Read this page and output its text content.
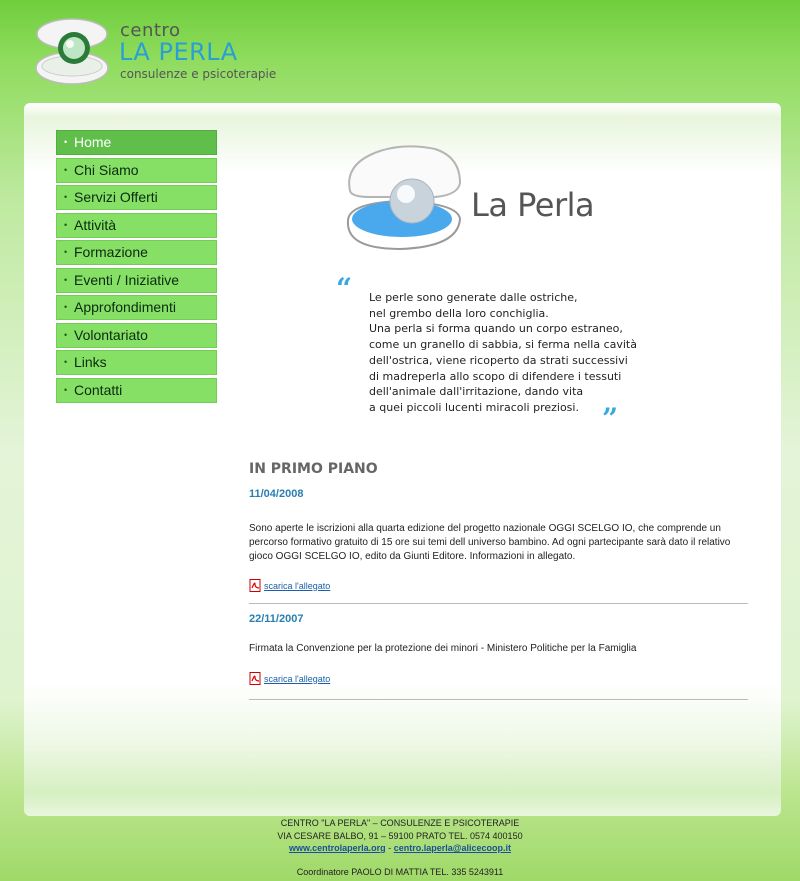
centro
LA PERLA
consulenze e psicoterapie
• Home
• Chi Siamo
• Servizi Offerti
• Attività
• Formazione
• Eventi / Iniziative
• Approfondimenti
• Volontariato
• Links
• Contatti
La Perla
“ Le perle sono generate dalle ostriche,
nel grembo della loro conchiglia.
Una perla si forma quando un corpo estraneo,
come un granello di sabbia, si ferma nella cavità
dell'ostrica, viene ricoperto da strati successivi
di madreperla allo scopo di difendere i tessuti
dell'animale dall'irritazione, dando vita
a quei piccoli lucenti miracoli preziosi. ”
IN PRIMO PIANO
11/04/2008
Sono aperte le iscrizioni alla quarta edizione del progetto nazionale OGGI SCELGO IO, che comprende un percorso formativo gratuito di 15 ore sui temi dell universo bambino. Ad ogni partecipante sarà dato il relativo gioco OGGI SCELGO IO, edito da Giunti Editore. Informazioni in allegato.
scarica l'allegato
22/11/2007
Firmata la Convenzione per la protezione dei minori - Ministero Politiche per la Famiglia
scarica l'allegato
CENTRO "LA PERLA" – CONSULENZE E PSICOTERAPIE
VIA CESARE BALBO, 91 – 59100 PRATO TEL. 0574 400150
www.centrolaperla.org - centro.laperla@alicecoop.it
Coordinatore PAOLO DI MATTIA TEL. 335 5243911
